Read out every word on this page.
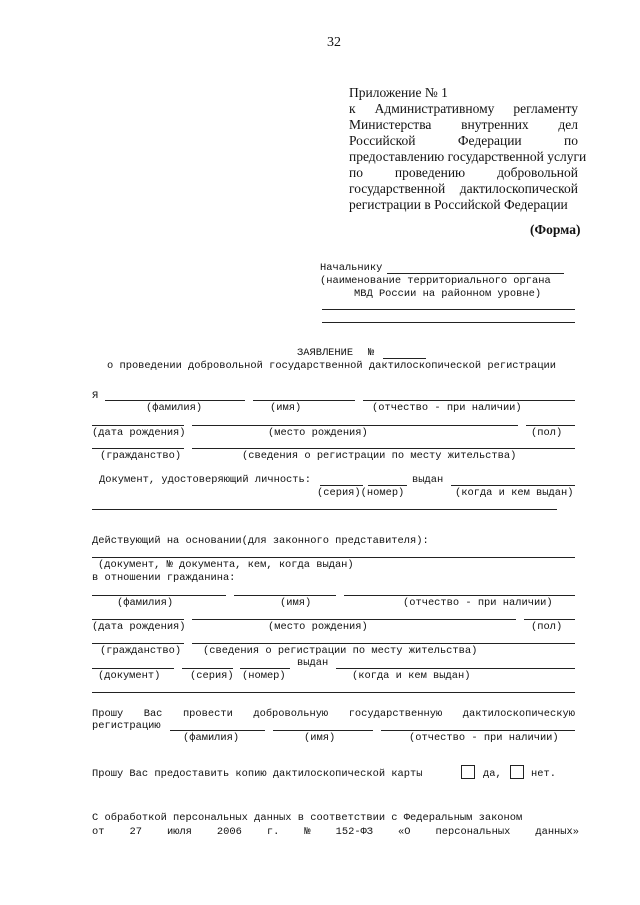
32
Приложение № 1
к Административному регламенту
Министерства внутренних дел
Российской	Федерации	по
предоставлению государственной услуги
по проведению добровольной
государственной дактилоскопической
регистрации в Российской Федерации
(Форма)
Начальнику
(наименование территориального органа
МВД России на районном уровне)
ЗАЯВЛЕНИЕ №
о проведении добровольной государственной дактилоскопической регистрации
Я
(фамилия)	(имя)	(отчество - при наличии)
(дата рождения)	(место рождения)	(пол)
(гражданство)	(сведения о регистрации по месту жительства)
Документ, удостоверяющий личность:	выдан
(серия)(номер)	(когда и кем выдан)
Действующий на основании(для законного представителя):
(документ, № документа, кем, когда выдан)
в отношении гражданина:
(фамилия)	(имя)	(отчество - при наличии)
(дата рождения)	(место рождения)	(пол)
(гражданство) (сведения о регистрации по месту жительства)
выдан
(документ)	(серия) (номер)	(когда и кем выдан)
Прошу Вас провести добровольную государственную дактилоскопическую
регистрацию
(фамилия)	(имя)	(отчество - при наличии)
Прошу Вас предоставить копию дактилоскопической карты	да,	нет.
С обработкой персональных данных в соответствии с Федеральным законом
от 27 июля 2006 г. № 152-ФЗ «О персональных данных»
